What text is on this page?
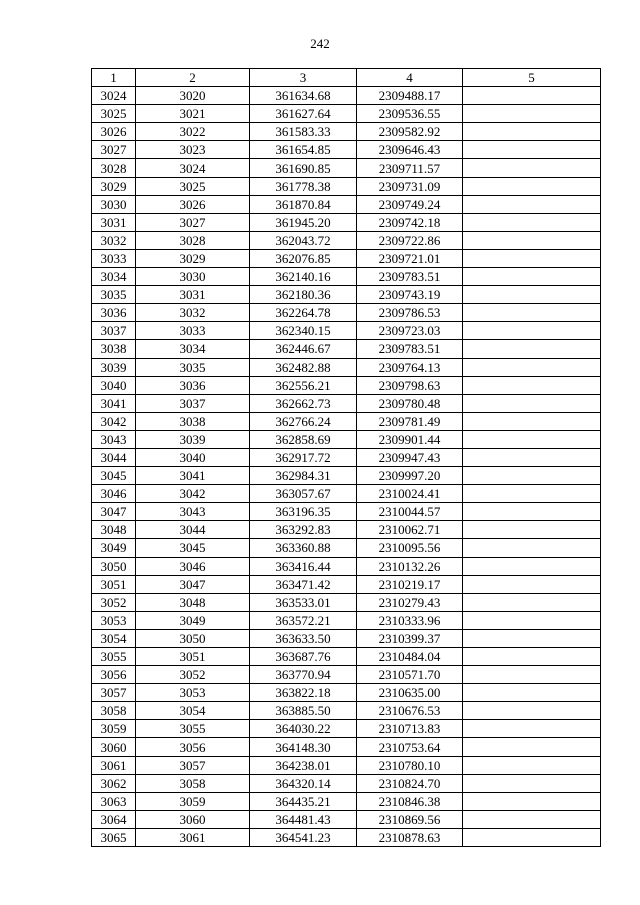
242
1	2	3	4	5
3024	3020	361634.68	2309488.17	
3025	3021	361627.64	2309536.55	
3026	3022	361583.33	2309582.92	
3027	3023	361654.85	2309646.43	
3028	3024	361690.85	2309711.57	
3029	3025	361778.38	2309731.09	
3030	3026	361870.84	2309749.24	
3031	3027	361945.20	2309742.18	
3032	3028	362043.72	2309722.86	
3033	3029	362076.85	2309721.01	
3034	3030	362140.16	2309783.51	
3035	3031	362180.36	2309743.19	
3036	3032	362264.78	2309786.53	
3037	3033	362340.15	2309723.03	
3038	3034	362446.67	2309783.51	
3039	3035	362482.88	2309764.13	
3040	3036	362556.21	2309798.63	
3041	3037	362662.73	2309780.48	
3042	3038	362766.24	2309781.49	
3043	3039	362858.69	2309901.44	
3044	3040	362917.72	2309947.43	
3045	3041	362984.31	2309997.20	
3046	3042	363057.67	2310024.41	
3047	3043	363196.35	2310044.57	
3048	3044	363292.83	2310062.71	
3049	3045	363360.88	2310095.56	
3050	3046	363416.44	2310132.26	
3051	3047	363471.42	2310219.17	
3052	3048	363533.01	2310279.43	
3053	3049	363572.21	2310333.96	
3054	3050	363633.50	2310399.37	
3055	3051	363687.76	2310484.04	
3056	3052	363770.94	2310571.70	
3057	3053	363822.18	2310635.00	
3058	3054	363885.50	2310676.53	
3059	3055	364030.22	2310713.83	
3060	3056	364148.30	2310753.64	
3061	3057	364238.01	2310780.10	
3062	3058	364320.14	2310824.70	
3063	3059	364435.21	2310846.38	
3064	3060	364481.43	2310869.56	
3065	3061	364541.23	2310878.63	
